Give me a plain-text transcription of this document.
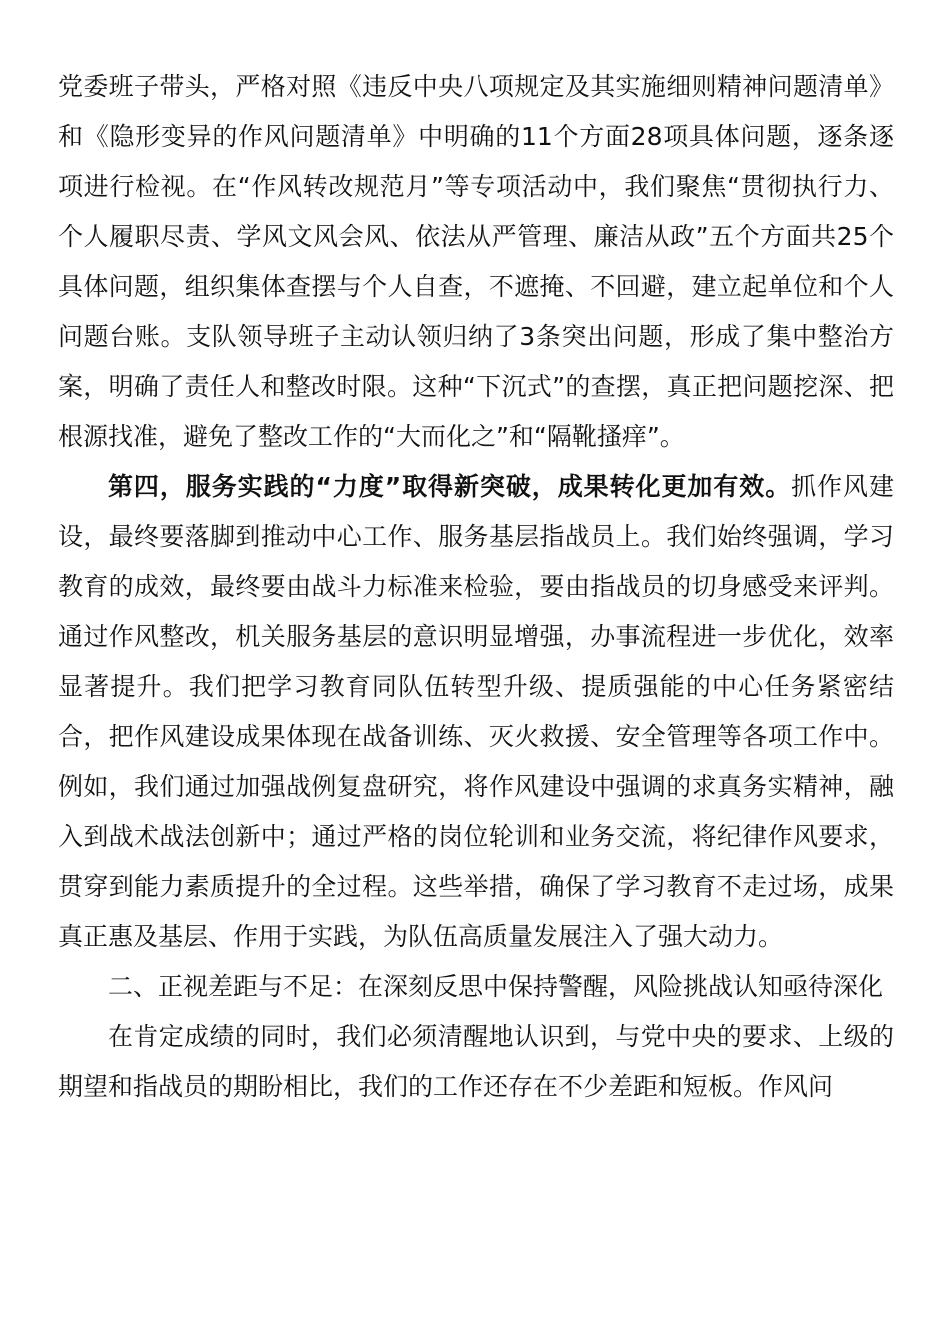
党委班子带头，严格对照《违反中央八项规定及其实施细则精神问题清单》和《隐形变异的作风问题清单》中明确的11个方面28项具体问题，逐条逐项进行检视。在“作风转改规范月”等专项活动中，我们聚焦“贯彻执行力、个人履职尽责、学风文风会风、依法从严管理、廉洁从政”五个方面共25个具体问题，组织集体查摆与个人自查，不遮掩、不回避，建立起单位和个人问题台账。支队领导班子主动认领归纳了3条突出问题，形成了集中整治方案，明确了责任人和整改时限。这种“下沉式”的查摆，真正把问题挖深、把根源找准，避免了整改工作的“大而化之”和“隔靴搔痒”。

第四，服务实践的“力度”取得新突破，成果转化更加有效。抓作风建设，最终要落脚到推动中心工作、服务基层指战员上。我们始终强调，学习教育的成效，最终要由战斗力标准来检验，要由指战员的切身感受来评判。通过作风整改，机关服务基层的意识明显增强，办事流程进一步优化，效率显著提升。我们把学习教育同队伍转型升级、提质强能的中心任务紧密结合，把作风建设成果体现在战备训练、灭火救援、安全管理等各项工作中。例如，我们通过加强战例复盘研究，将作风建设中强调的求真务实精神，融入到战术战法创新中；通过严格的岗位轮训和业务交流，将纪律作风要求，贯穿到能力素质提升的全过程。这些举措，确保了学习教育不走过场，成果真正惠及基层、作用于实践，为队伍高质量发展注入了强大动力。

二、正视差距与不足：在深刻反思中保持警醒，风险挑战认知亟待深化

在肯定成绩的同时，我们必须清醒地认识到，与党中央的要求、上级的期望和指战员的期盼相比，我们的工作还存在不少差距和短板。作风问
